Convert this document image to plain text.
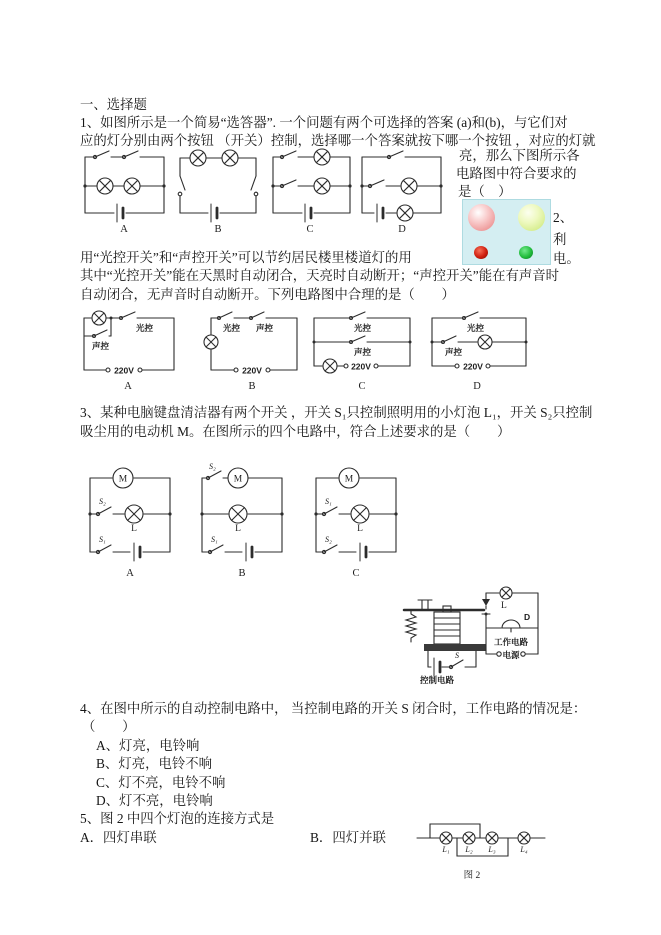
一、选择题
1、如图所示是一个简易“选答器”. 一个问题有两个可选择的答案 (a)和(b)，与它们对
应的灯分别由两个按钮 （开关）控制，选择哪一个答案就按下哪一个按钮 ，对应的灯就
亮，那么下图所示各
电路图中符合要求的
是（　）
A	B	C	D
2、
利
电。
用“光控开关”和“声控开关”可以节约居民楼里楼道灯的用
其中“光控开关”能在天黑时自动闭合，天亮时自动断开；“声控开关”能在有声音时
自动闭合，无声音时自动断开。下列电路图中合理的是（　　）
光控
声控
220V
A
光控 声控
220V
B
光控
声控
220V
C
光控
声控
220V
D
3、某种电脑键盘清洁器有两个开关 ，开关 S₁只控制照明用的小灯泡 L₁，开关 S₂只控制
吸尘用的电动机 M。在图所示的四个电路中，符合上述要求的是（　　）
M
S₂
L
S₁
A
S₂
M
L
S₁
B
M
S₁
L
S₂
C
S
L
D
工作电路
电源
控制电路
4、在图中所示的自动控制电路中， 当控制电路的开关 S 闭合时，工作电路的情况是：
（　　）
A、灯亮，电铃响
B、灯亮，电铃不响
C、灯不亮，电铃不响
D、灯不亮，电铃响
5、图 2 中四个灯泡的连接方式是
A．四灯串联	B．四灯并联
L₁ L₂ L₃	L₄
图 2
